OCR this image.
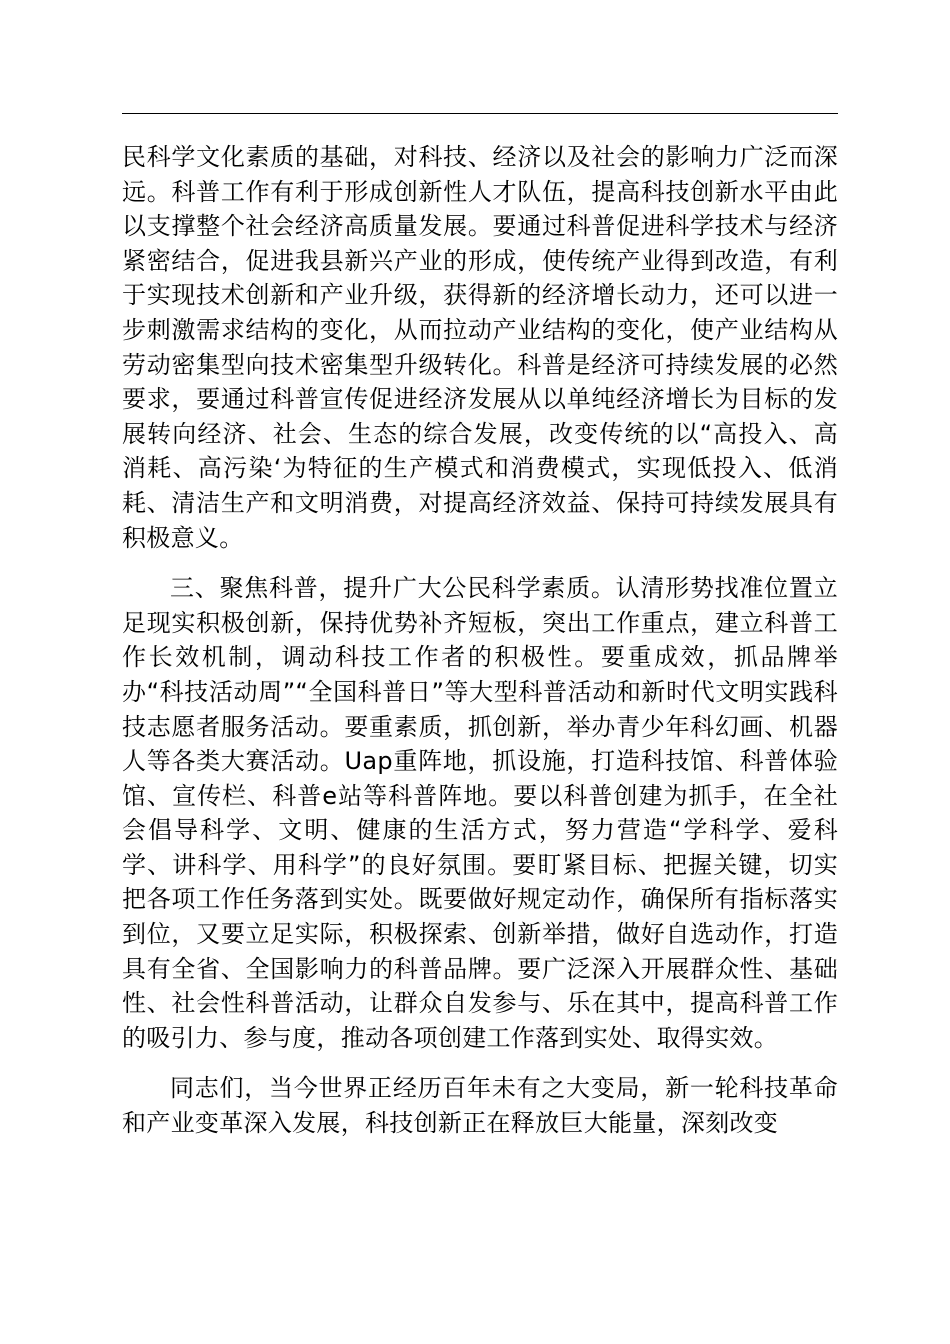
民科学文化素质的基础，对科技、经济以及社会的影响力广泛而深远。科普工作有利于形成创新性人才队伍，提高科技创新水平由此以支撑整个社会经济高质量发展。要通过科普促进科学技术与经济紧密结合，促进我县新兴产业的形成，使传统产业得到改造，有利于实现技术创新和产业升级，获得新的经济增长动力，还可以进一步刺激需求结构的变化，从而拉动产业结构的变化，使产业结构从劳动密集型向技术密集型升级转化。科普是经济可持续发展的必然要求，要通过科普宣传促进经济发展从以单纯经济增长为目标的发展转向经济、社会、生态的综合发展，改变传统的以“高投入、高消耗、高污染‘为特征的生产模式和消费模式，实现低投入、低消耗、清洁生产和文明消费，对提高经济效益、保持可持续发展具有积极意义。

三、聚焦科普，提升广大公民科学素质。认清形势找准位置立足现实积极创新，保持优势补齐短板，突出工作重点，建立科普工作长效机制，调动科技工作者的积极性。要重成效，抓品牌举办“科技活动周”“全国科普日”等大型科普活动和新时代文明实践科技志愿者服务活动。要重素质，抓创新，举办青少年科幻画、机器人等各类大赛活动。Uap重阵地，抓设施，打造科技馆、科普体验馆、宣传栏、科普e站等科普阵地。要以科普创建为抓手，在全社会倡导科学、文明、健康的生活方式，努力营造“学科学、爱科学、讲科学、用科学”的良好氛围。要盯紧目标、把握关键，切实把各项工作任务落到实处。既要做好规定动作，确保所有指标落实到位，又要立足实际，积极探索、创新举措，做好自选动作，打造具有全省、全国影响力的科普品牌。要广泛深入开展群众性、基础性、社会性科普活动，让群众自发参与、乐在其中，提高科普工作的吸引力、参与度，推动各项创建工作落到实处、取得实效。

同志们，当今世界正经历百年未有之大变局，新一轮科技革命和产业变革深入发展，科技创新正在释放巨大能量，深刻改变
